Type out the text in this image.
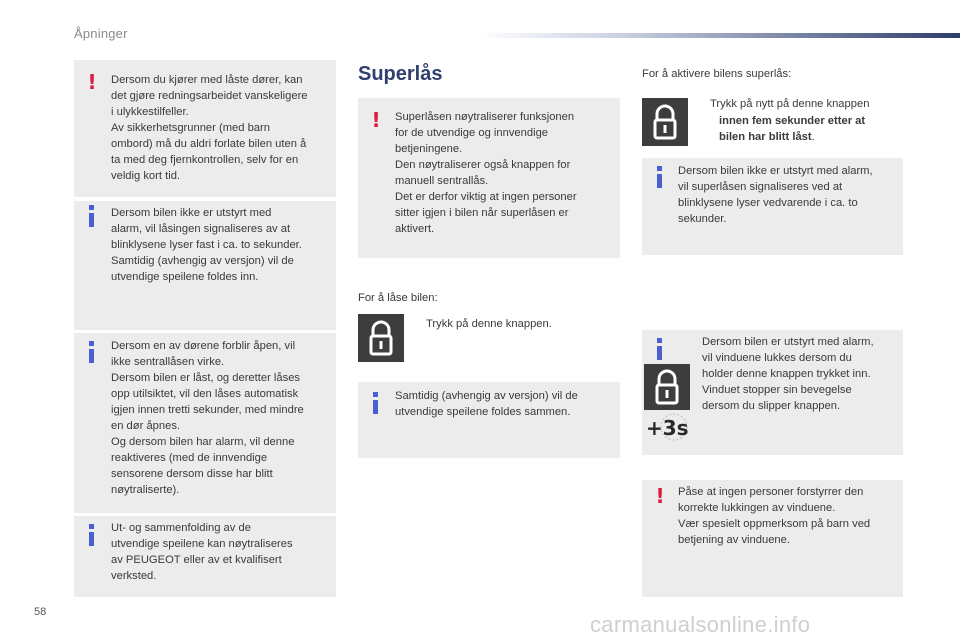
Åpninger
! Dersom du kjører med låste dører, kan
det gjøre redningsarbeidet vanskeligere
i ulykkestilfeller.
Av sikkerhetsgrunner (med barn
ombord) må du aldri forlate bilen uten å
ta med deg fjernkontrollen, selv for en
veldig kort tid.
Dersom bilen ikke er utstyrt med
alarm, vil låsingen signaliseres av at
blinklysene lyser fast i ca. to sekunder.
Samtidig (avhengig av versjon) vil de
utvendige speilene foldes inn.
Dersom en av dørene forblir åpen, vil
ikke sentrallåsen virke.
Dersom bilen er låst, og deretter låses
opp utilsiktet, vil den låses automatisk
igjen innen tretti sekunder, med mindre
en dør åpnes.
Og dersom bilen har alarm, vil denne
reaktiveres (med de innvendige
sensorene dersom disse har blitt
nøytraliserte).
Ut- og sammenfolding av de
utvendige speilene kan nøytraliseres
av PEUGEOT eller av et kvalifisert
verksted.
Superlås
! Superlåsen nøytraliserer funksjonen
for de utvendige og innvendige
betjeningene.
Den nøytraliserer også knappen for
manuell sentrallås.
Det er derfor viktig at ingen personer
sitter igjen i bilen når superlåsen er
aktivert.
For å låse bilen:
Trykk på denne knappen.
Samtidig (avhengig av versjon) vil de
utvendige speilene foldes sammen.
For å aktivere bilens superlås:
Trykk på nytt på denne knappen
innen fem sekunder etter at
bilen har blitt låst.
Dersom bilen ikke er utstyrt med alarm,
vil superlåsen signaliseres ved at
blinklysene lyser vedvarende i ca. to
sekunder.
Dersom bilen er utstyrt med alarm,
vil vinduene lukkes dersom du
holder denne knappen trykket inn.
Vinduet stopper sin bevegelse
dersom du slipper knappen.
+3s
! Påse at ingen personer forstyrrer den
korrekte lukkingen av vinduene.
Vær spesielt oppmerksom på barn ved
betjening av vinduene.
58	carmanualsonline.info
